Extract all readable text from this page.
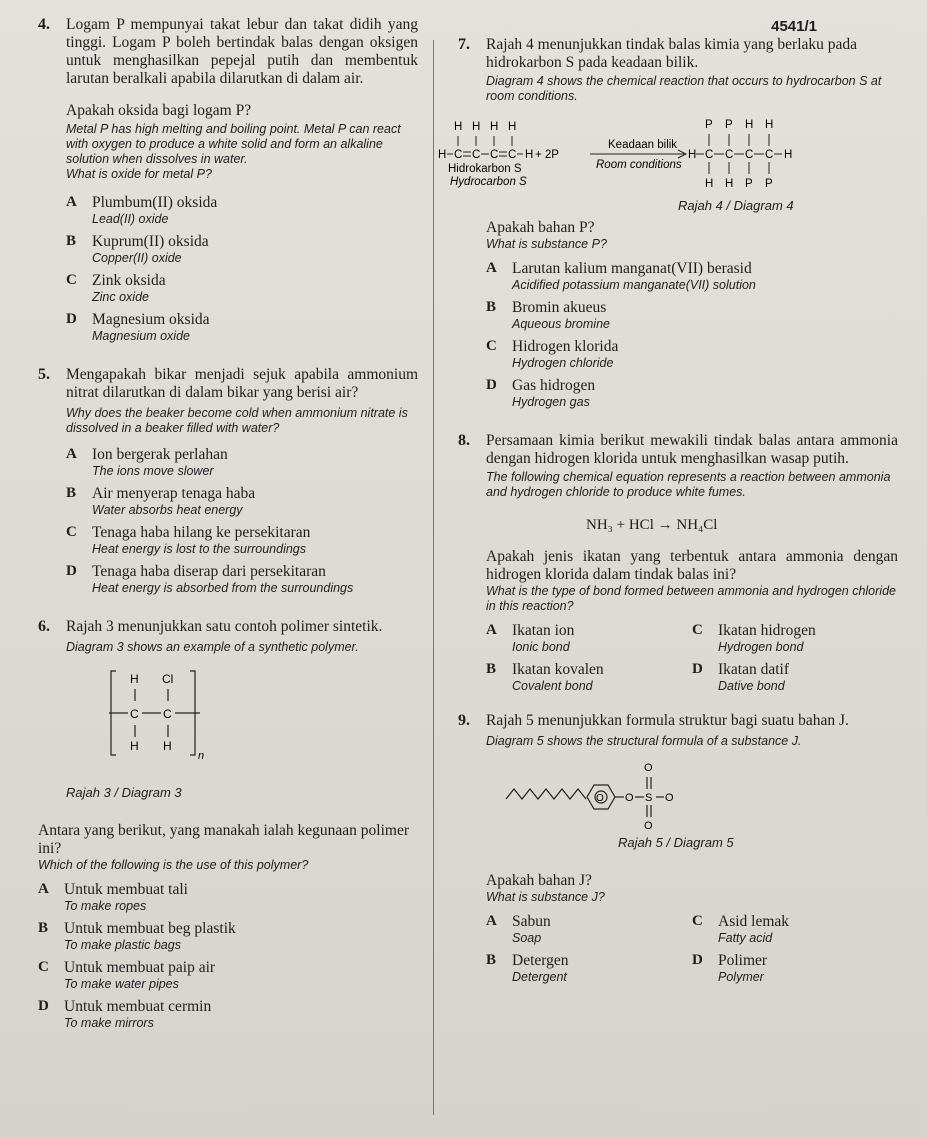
4541/1
4. Logam P mempunyai takat lebur dan takat didih yang tinggi. Logam P boleh bertindak balas dengan oksigen untuk menghasilkan pepejal putih dan membentuk larutan beralkali apabila dilarutkan di dalam air.
Apakah oksida bagi logam P?
Metal P has high melting and boiling point. Metal P can react with oxygen to produce a white solid and form an alkaline solution when dissolves in water.
What is oxide for metal P?
A Plumbum(II) oksida
Lead(II) oxide
B	Kuprum(II) oksida
Copper(II) oxide
C Zink oksida
Zinc oxide
D Magnesium oksida
Magnesium oxide
5. Mengapakah bikar menjadi sejuk apabila ammonium nitrat dilarutkan di dalam bikar yang berisi air?
Why does the beaker become cold when ammonium nitrate is dissolved in a beaker filled with water?
A Ion bergerak perlahan
The ions move slower
B	Air menyerap tenaga haba
Water absorbs heat energy
C Tenaga haba hilang ke persekitaran
Heat energy is lost to the surroundings
D Tenaga haba diserap dari persekitaran
Heat energy is absorbed from the surroundings
6. Rajah 3 menunjukkan satu contoh polimer sintetik.
Diagram 3 shows an example of a synthetic polymer.
H Cl
C C
H H
n
Rajah 3 / Diagram 3
Antara yang berikut, yang manakah ialah kegunaan polimer ini?
Which of the following is the use of this polymer?
A Untuk membuat tali
To make ropes
B	Untuk membuat beg plastik
To make plastic bags
C Untuk membuat paip air
To make water pipes
D Untuk membuat cermin
To make mirrors
7. Rajah 4 menunjukkan tindak balas kimia yang berlaku pada hidrokarbon S pada keadaan bilik.
Diagram 4 shows the chemical reaction that occurs to hydrocarbon S at room conditions.
H H H H
H C C C C H + 2P
Hidrokarbon S
Hydrocarbon S
Keadaan bilik
Room conditions
P P H H
H C C C C H
H H P P
Rajah 4 / Diagram 4
Apakah bahan P?
What is substance P?
A Larutan kalium manganat(VII) berasid
Acidified potassium manganate(VII) solution
B	Bromin akueus
Aqueous bromine
C Hidrogen klorida
Hydrogen chloride
D Gas hidrogen
Hydrogen gas
8. Persamaan kimia berikut mewakili tindak balas antara ammonia dengan hidrogen klorida untuk menghasilkan wasap putih.
The following chemical equation represents a reaction between ammonia and hydrogen chloride to produce white fumes.
NH₃ + HCl → NH₄Cl
Apakah jenis ikatan yang terbentuk antara ammonia dengan hidrogen klorida dalam tindak balas ini?
What is the type of bond formed between ammonia and hydrogen chloride in this reaction?
A Ikatan ion
Ionic bond
C Ikatan hidrogen
Hydrogen bond
B	Ikatan kovalen
Covalent bond
D Ikatan datif
Dative bond
9. Rajah 5 menunjukkan formula struktur bagi suatu bahan J.
Diagram 5 shows the structural formula of a substance J.
O O
O
S O
O
Rajah 5 / Diagram 5
Apakah bahan J?
What is substance J?
A Sabun
Soap
C Asid lemak
Fatty acid
B	Detergen
Detergent
D Polimer
Polymer
